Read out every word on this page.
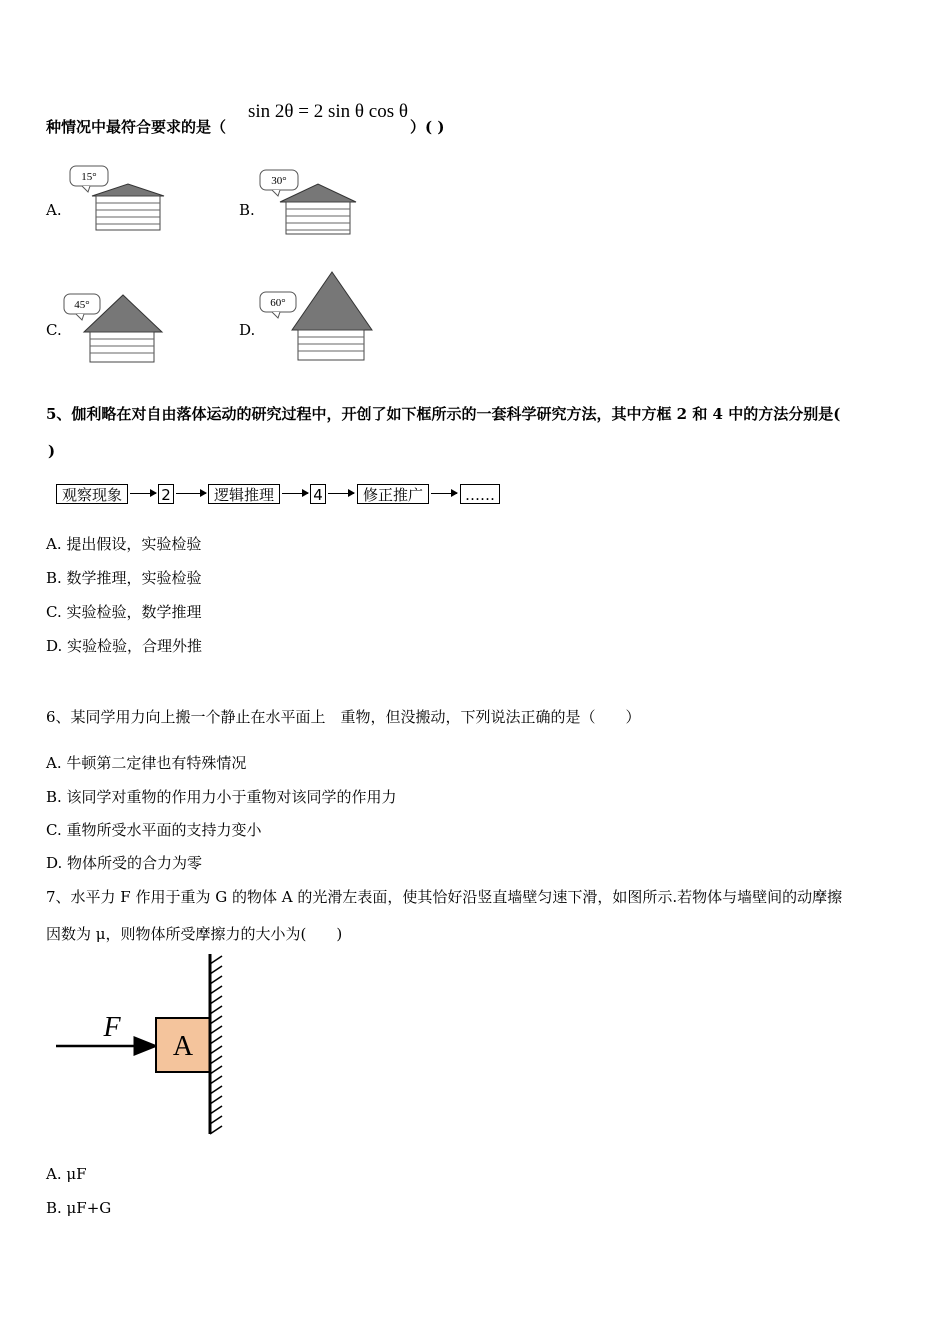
种情况中最符合要求的是（
sin 2θ = 2 sin θ cos θ
）( )
A.
15°
B.
30°
C.
45°
D.
60°
5、伽利略在对自由落体运动的研究过程中，开创了如下框所示的一套科学研究方法，其中方框 2 和 4 中的方法分别是(
)
观察现象	2	逻辑推理	4	修正推广	……
A. 提出假设，实验检验
B. 数学推理，实验检验
C. 实验检验，数学推理
D. 实验检验，合理外推
6、某同学用力向上搬一个静止在水平面上　重物，但没搬动，下列说法正确的是（　　）
A. 牛顿第二定律也有特殊情况
B. 该同学对重物的作用力小于重物对该同学的作用力
C. 重物所受水平面的支持力变小
D. 物体所受的合力为零
7、水平力 F 作用于重为 G 的物体 A 的光滑左表面，使其恰好沿竖直墙壁匀速下滑，如图所示.若物体与墙壁间的动摩擦
因数为 μ，则物体所受摩擦力的大小为(　　)
F
A
A. μF
B. μF+G
